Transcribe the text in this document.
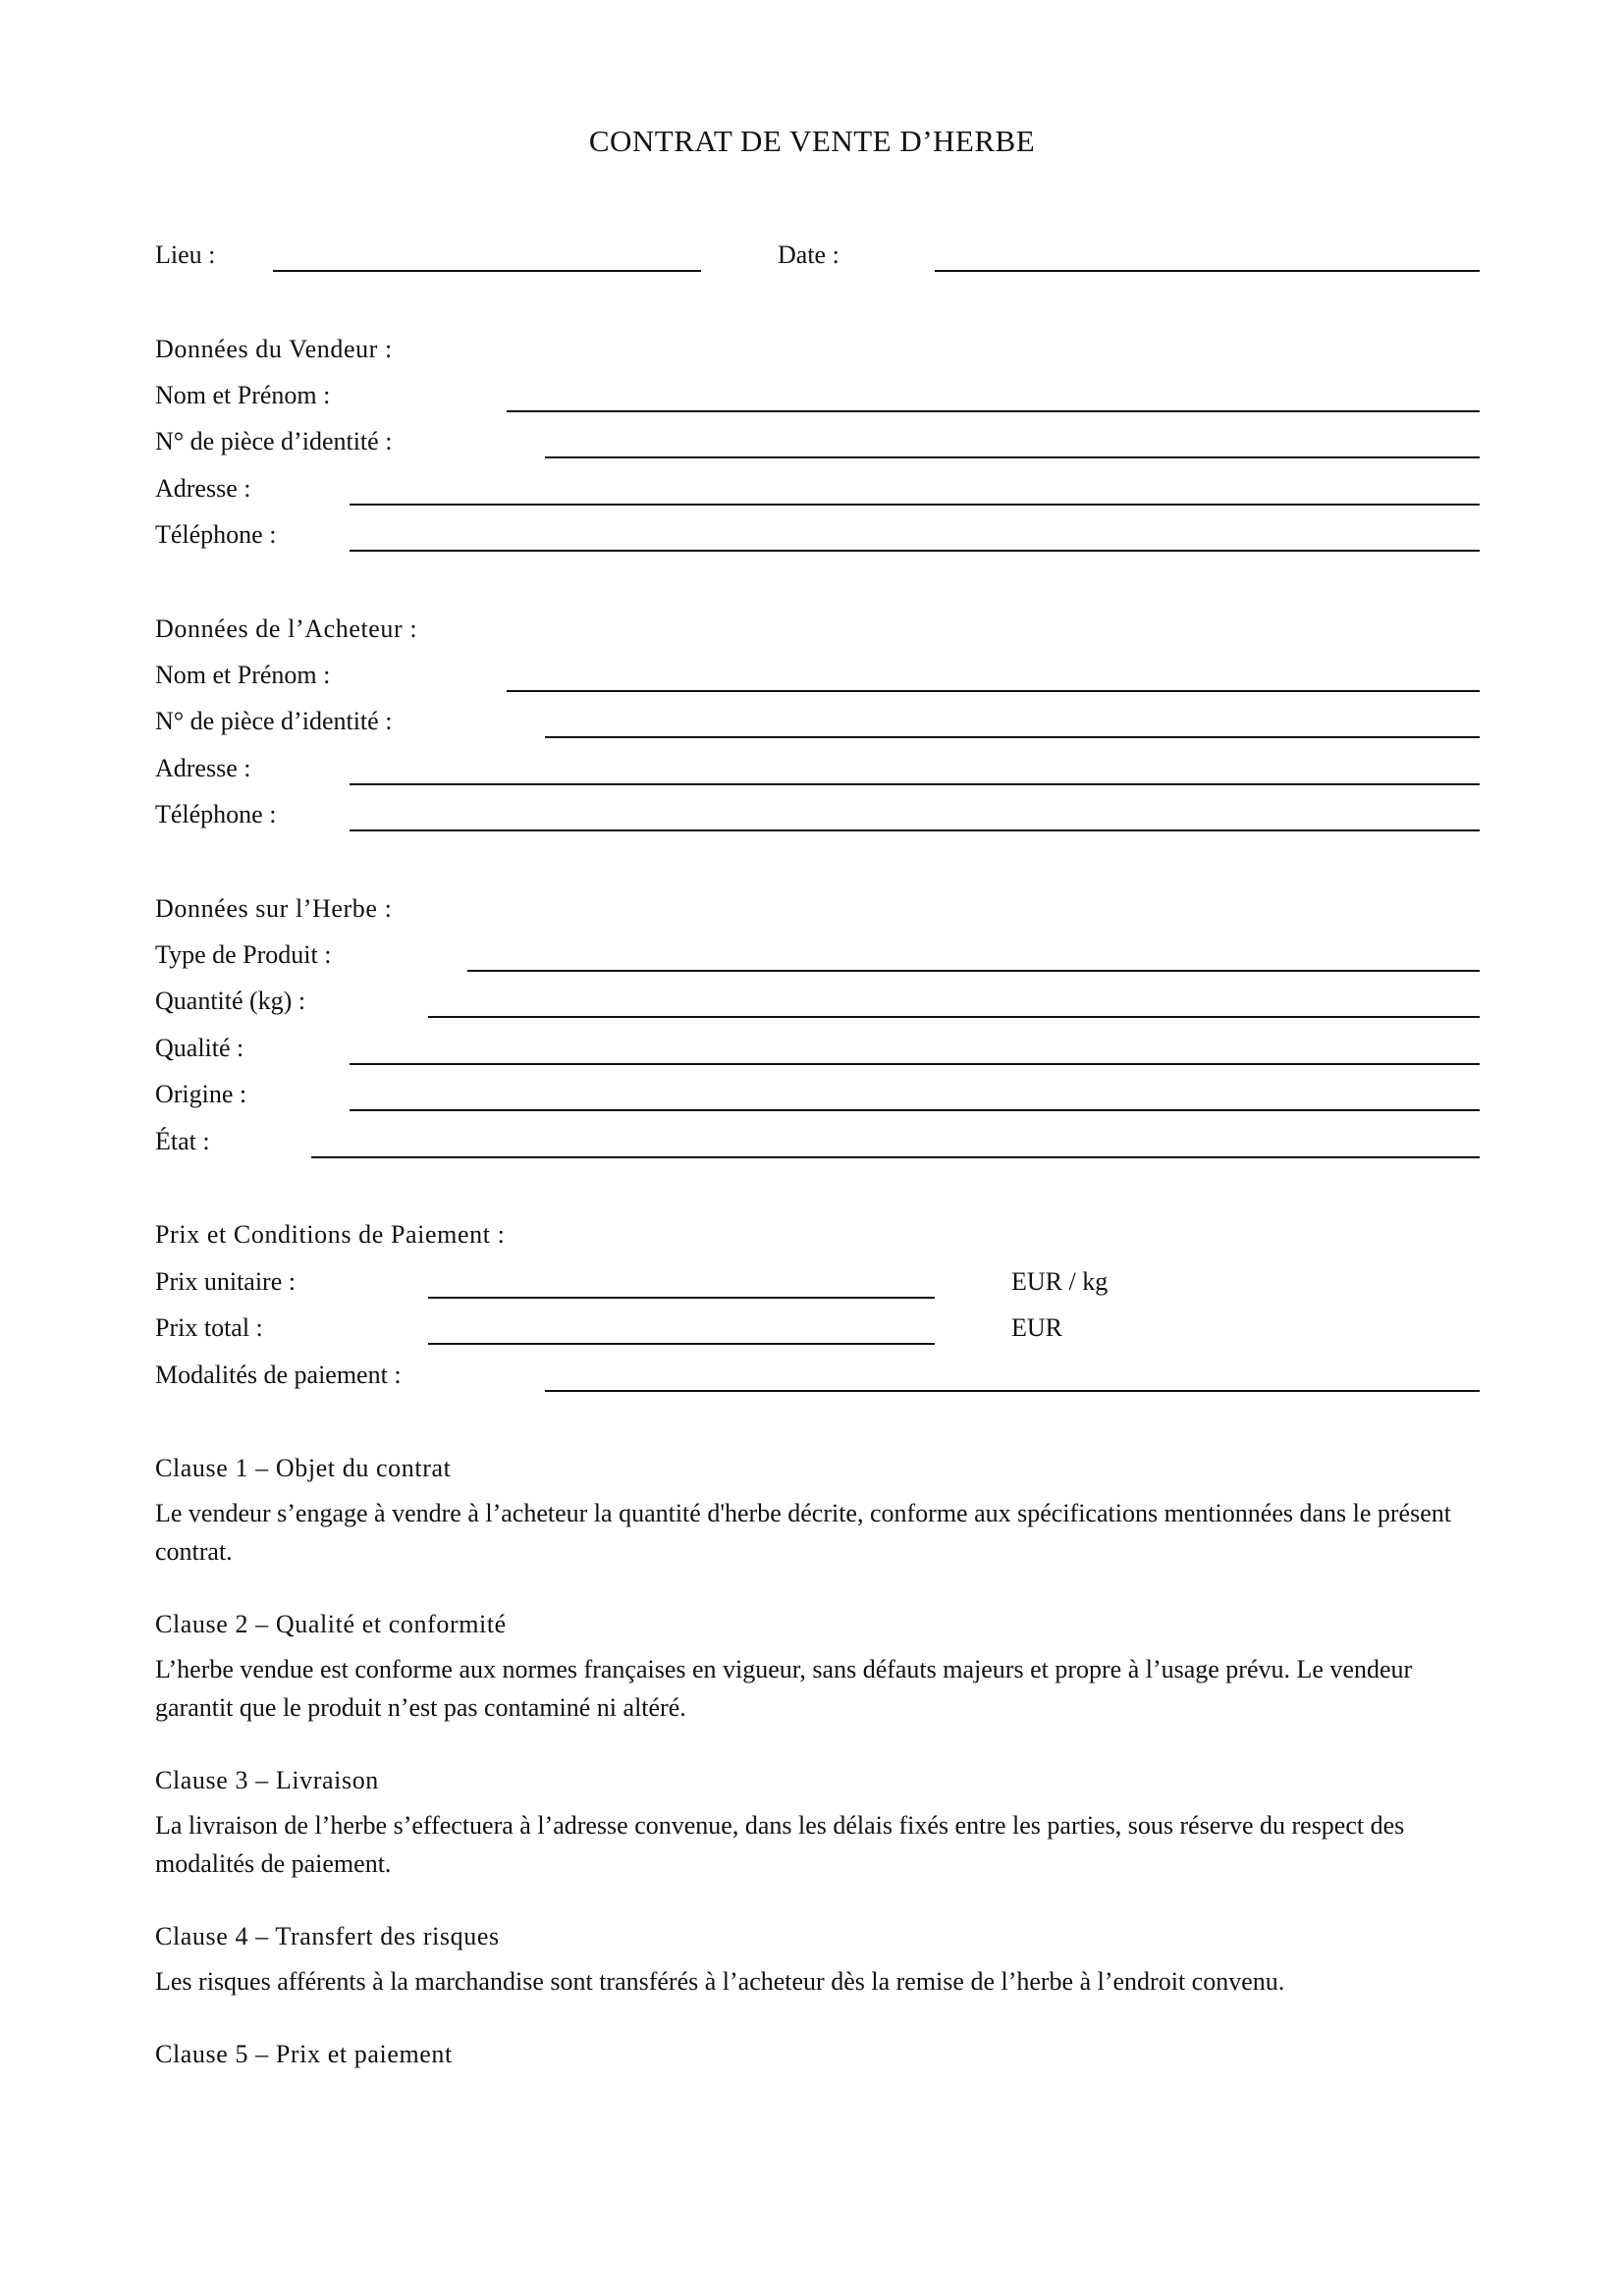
CONTRAT DE VENTE D’HERBE
Lieu :	Date :
Données du Vendeur :
Nom et Prénom :
N° de pièce d’identité :
Adresse :
Téléphone :
Données de l’Acheteur :
Nom et Prénom :
N° de pièce d’identité :
Adresse :
Téléphone :
Données sur l’Herbe :
Type de Produit :
Quantité (kg) :
Qualité :
Origine :
État :
Prix et Conditions de Paiement :
Prix unitaire :	EUR / kg
Prix total :	EUR
Modalités de paiement :
Clause 1 – Objet du contrat
Le vendeur s’engage à vendre à l’acheteur la quantité d'herbe décrite, conforme aux spécifications mentionnées dans le présent contrat.
Clause 2 – Qualité et conformité
L’herbe vendue est conforme aux normes françaises en vigueur, sans défauts majeurs et propre à l’usage prévu. Le vendeur garantit que le produit n’est pas contaminé ni altéré.
Clause 3 – Livraison
La livraison de l’herbe s’effectuera à l’adresse convenue, dans les délais fixés entre les parties, sous réserve du respect des modalités de paiement.
Clause 4 – Transfert des risques
Les risques afférents à la marchandise sont transférés à l’acheteur dès la remise de l’herbe à l’endroit convenu.
Clause 5 – Prix et paiement
